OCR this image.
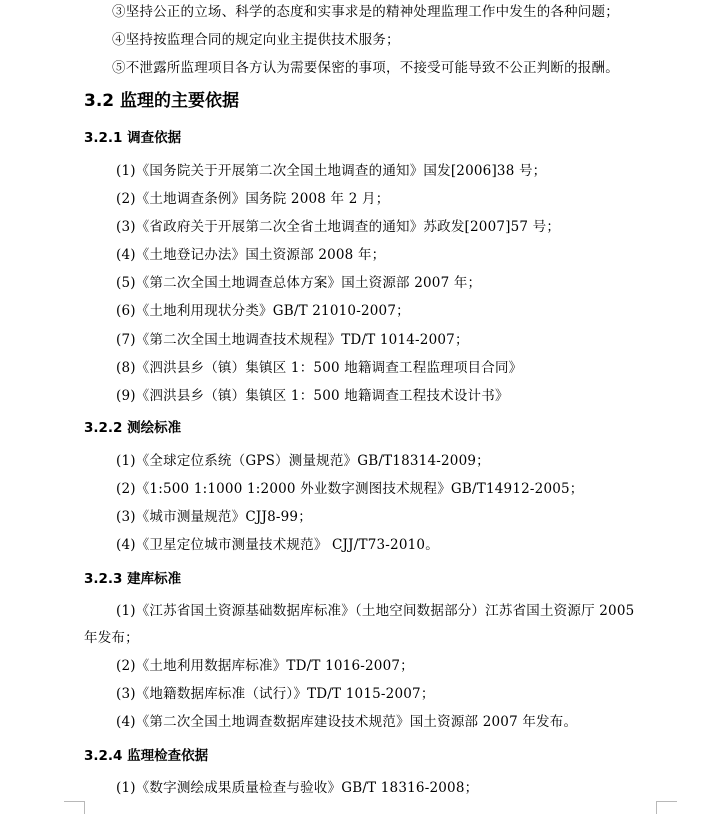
③坚持公正的立场、科学的态度和实事求是的精神处理监理工作中发生的各种问题；
④坚持按监理合同的规定向业主提供技术服务；
⑤不泄露所监理项目各方认为需要保密的事项，不接受可能导致不公正判断的报酬。
3.2 监理的主要依据
3.2.1 调查依据
(1)《国务院关于开展第二次全国土地调查的通知》国发[2006]38 号；
(2)《土地调查条例》国务院 2008 年 2 月；
(3)《省政府关于开展第二次全省土地调查的通知》苏政发[2007]57 号；
(4)《土地登记办法》国土资源部 2008 年；
(5)《第二次全国土地调查总体方案》国土资源部 2007 年；
(6)《土地利用现状分类》GB/T 21010-2007；
(7)《第二次全国土地调查技术规程》TD/T 1014-2007；
(8)《泗洪县乡（镇）集镇区 1：500 地籍调查工程监理项目合同》
(9)《泗洪县乡（镇）集镇区 1：500 地籍调查工程技术设计书》
3.2.2 测绘标准
(1)《全球定位系统（GPS）测量规范》GB/T18314-2009；
(2)《1:500 1:1000 1:2000 外业数字测图技术规程》GB/T14912-2005；
(3)《城市测量规范》CJJ8-99；
(4)《卫星定位城市测量技术规范》 CJJ/T73-2010。
3.2.3 建库标准
(1)《江苏省国土资源基础数据库标准》（土地空间数据部分）江苏省国土资源厅 2005
年发布；
(2)《土地利用数据库标准》TD/T 1016-2007；
(3)《地籍数据库标准（试行）》TD/T 1015-2007；
(4)《第二次全国土地调查数据库建设技术规范》国土资源部 2007 年发布。
3.2.4 监理检查依据
(1)《数字测绘成果质量检查与验收》GB/T 18316-2008；
